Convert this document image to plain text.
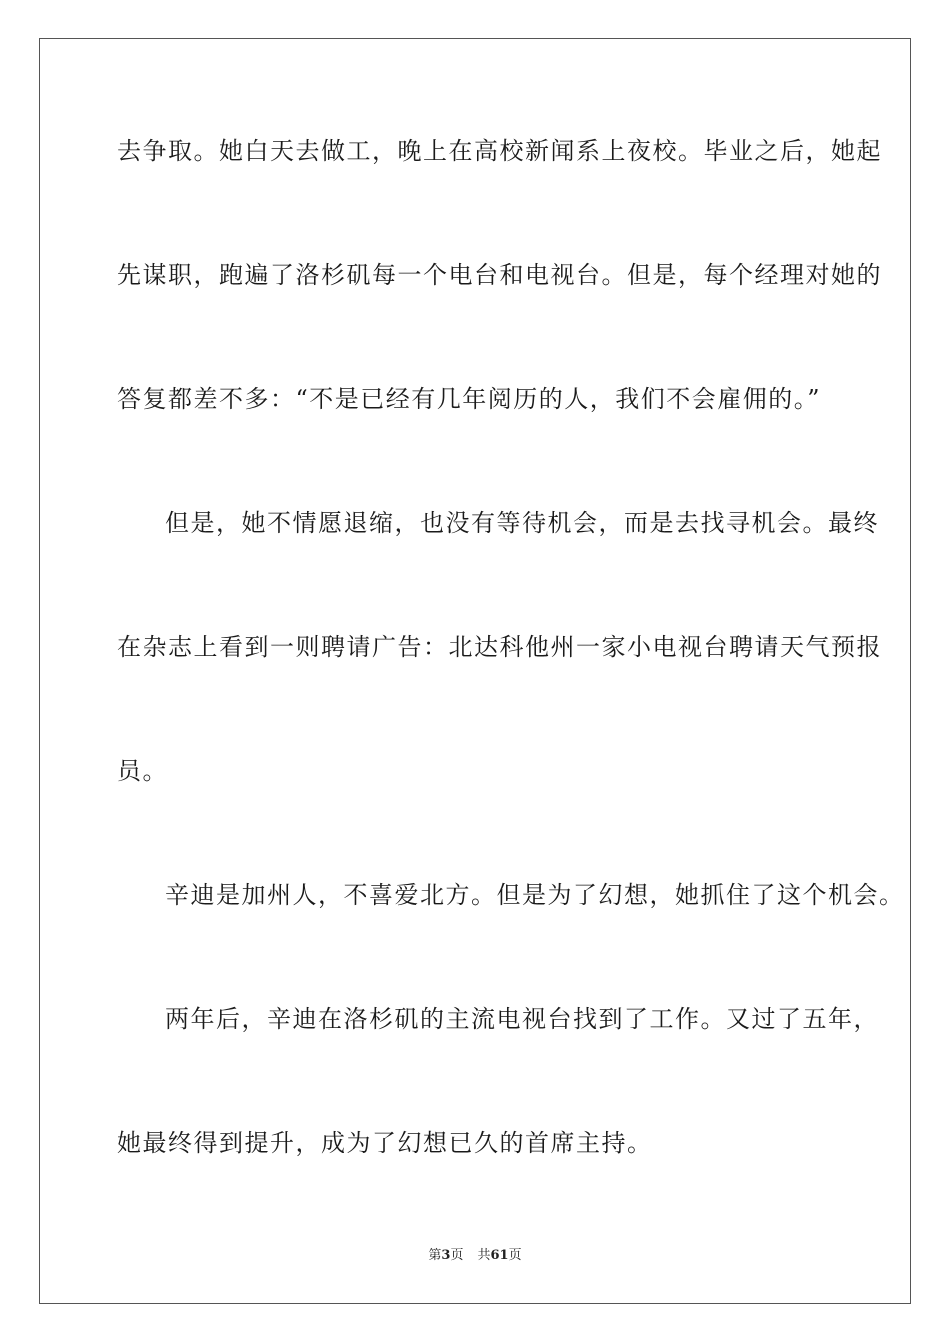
去争取。她白天去做工，晚上在高校新闻系上夜校。毕业之后，她起
先谋职，跑遍了洛杉矶每一个电台和电视台。但是，每个经理对她的
答复都差不多：“不是已经有几年阅历的人，我们不会雇佣的。”
但是，她不情愿退缩，也没有等待机会，而是去找寻机会。最终
在杂志上看到一则聘请广告：北达科他州一家小电视台聘请天气预报
员。
辛迪是加州人，不喜爱北方。但是为了幻想，她抓住了这个机会。
两年后，辛迪在洛杉矶的主流电视台找到了工作。又过了五年，
她最终得到提升，成为了幻想已久的首席主持。
第3页 共61页
